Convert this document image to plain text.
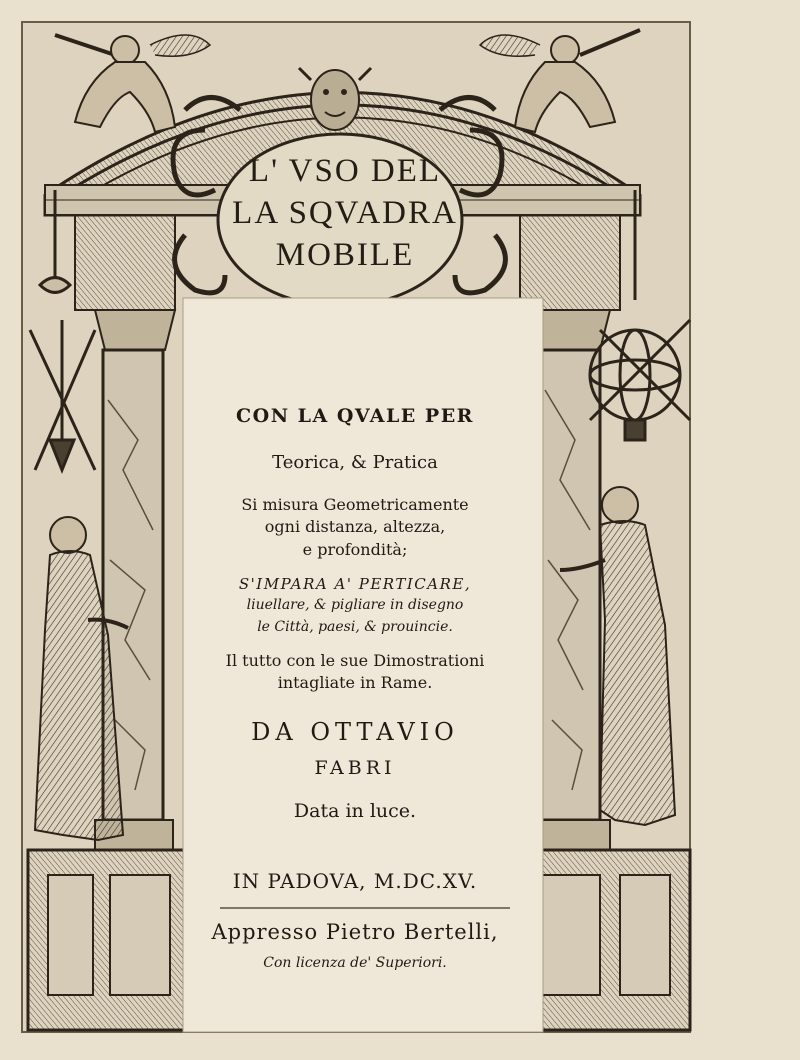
L' VSO DEL
LA SQVADRA
MOBILE
CON LA QVALE PER
Teorica, & Pratica
Si misura Geometricamente
ogni distanza, altezza,
e profondità;
S'IMPARA A' PERTICARE,
liuellare, & pigliare in disegno
le Città, paesi, & prouincie.
Il tutto con le sue Dimostrationi
intagliate in Rame.
DA OTTAVIO
FABRI
Data in luce.
IN PADOVA, M.DC.XV.
Appresso Pietro Bertelli,
Con licenza de' Superiori.
